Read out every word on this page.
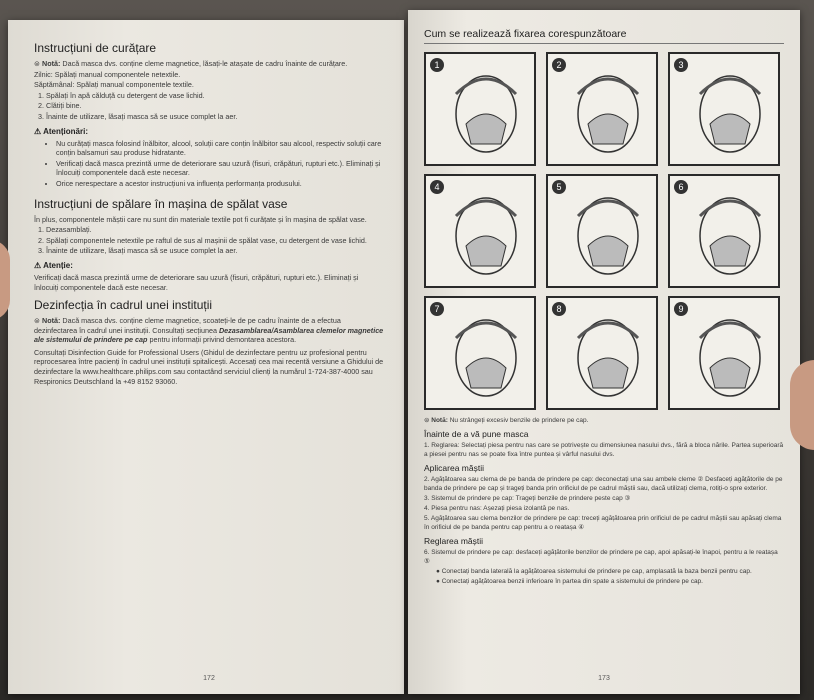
Instrucțiuni de curățare

⊜ Notă: Dacă masca dvs. conține cleme magnetice, lăsați-le atașate de cadru înainte de curățare.

Zilnic: Spălați manual componentele netextile.

Săptămânal: Spălați manual componentele textile.

1. Spălați în apă călduță cu detergent de vase lichid.
2. Clătiți bine.
3. Înainte de utilizare, lăsați masca să se usuce complet la aer.
⚠ Atenționări:
• Nu curățați masca folosind înălbitor, alcool, soluții care conțin înălbitor sau alcool, respectiv soluții care conțin balsamuri sau produse hidratante.
• Verificați dacă masca prezintă urme de deteriorare sau uzură (fisuri, crăpături, rupturi etc.). Eliminați și înlocuiți componentele dacă este necesar.
• Orice nerespectare a acestor instrucțiuni va influența performanța produsului.
Instrucțiuni de spălare în mașina de spălat vase

În plus, componentele măștii care nu sunt din materiale textile pot fi curățate și în mașina de spălat vase.

1. Dezasamblați.
2. Spălați componentele netextile pe raftul de sus al mașinii de spălat vase, cu detergent de vase lichid.
3. Înainte de utilizare, lăsați masca să se usuce complet la aer.
⚠ Atenție:

Verificați dacă masca prezintă urme de deteriorare sau uzură (fisuri, crăpături, rupturi etc.). Eliminați și înlocuiți componentele dacă este necesar.

Dezinfecția în cadrul unei instituții

⊜ Notă: Dacă masca dvs. conține cleme magnetice, scoateți-le de pe cadru înainte de a efectua dezinfectarea în cadrul unei instituții. Consultați secțiunea Dezasamblarea/Asamblarea clemelor magnetice ale sistemului de prindere pe cap pentru informații privind demontarea acestora.

Consultați Disinfection Guide for Professional Users (Ghidul de dezinfectare pentru uz profesional pentru reprocesarea între pacienți în cadrul unei instituții spitalicești. Accesați cea mai recentă versiune a Ghidului de dezinfectare la www.healthcare.philips.com sau contactând serviciul clienți la numărul 1-724-387-4000 sau Respironics Deutschland la +49 8152 93060.

172
Cum se realizează fixarea corespunzătoare
1	2	3
4	5	6
7	8	9

⊜ Notă: Nu strângeți excesiv benzile de prindere pe cap.

Înainte de a vă pune masca

1. Reglarea: Selectați piesa pentru nas care se potrivește cu dimensiunea nasului dvs., fără a bloca nările. Partea superioară a piesei pentru nas se poate fixa între puntea și vârful nasului dvs.

Aplicarea măștii

2. Agățătoarea sau clema de pe banda de prindere pe cap: deconectați una sau ambele cleme ② Desfaceți agățătorile de pe banda de prindere pe cap și trageți banda prin orificiul de pe cadrul măștii sau, dacă utilizați clema, rotiți-o spre exterior.

3. Sistemul de prindere pe cap: Trageți benzile de prindere peste cap ③

4. Piesa pentru nas: Așezați piesa izolantă pe nas.

5. Agățătoarea sau clema benzilor de prindere pe cap: treceți agățătoarea prin orificiul de pe cadrul măștii sau apăsați clema în orificiul de pe banda pentru cap pentru a o reatașa ④

Reglarea măștii

6. Sistemul de prindere pe cap: desfaceți agățătorile benzilor de prindere pe cap, apoi apăsați-le înapoi, pentru a le reatașa ⑤

● Conectați banda laterală la agățătoarea sistemului de prindere pe cap, amplasată la baza benzii pentru cap.

● Conectați agățătoarea benzii inferioare în partea din spate a sistemului de prindere pe cap.

173
